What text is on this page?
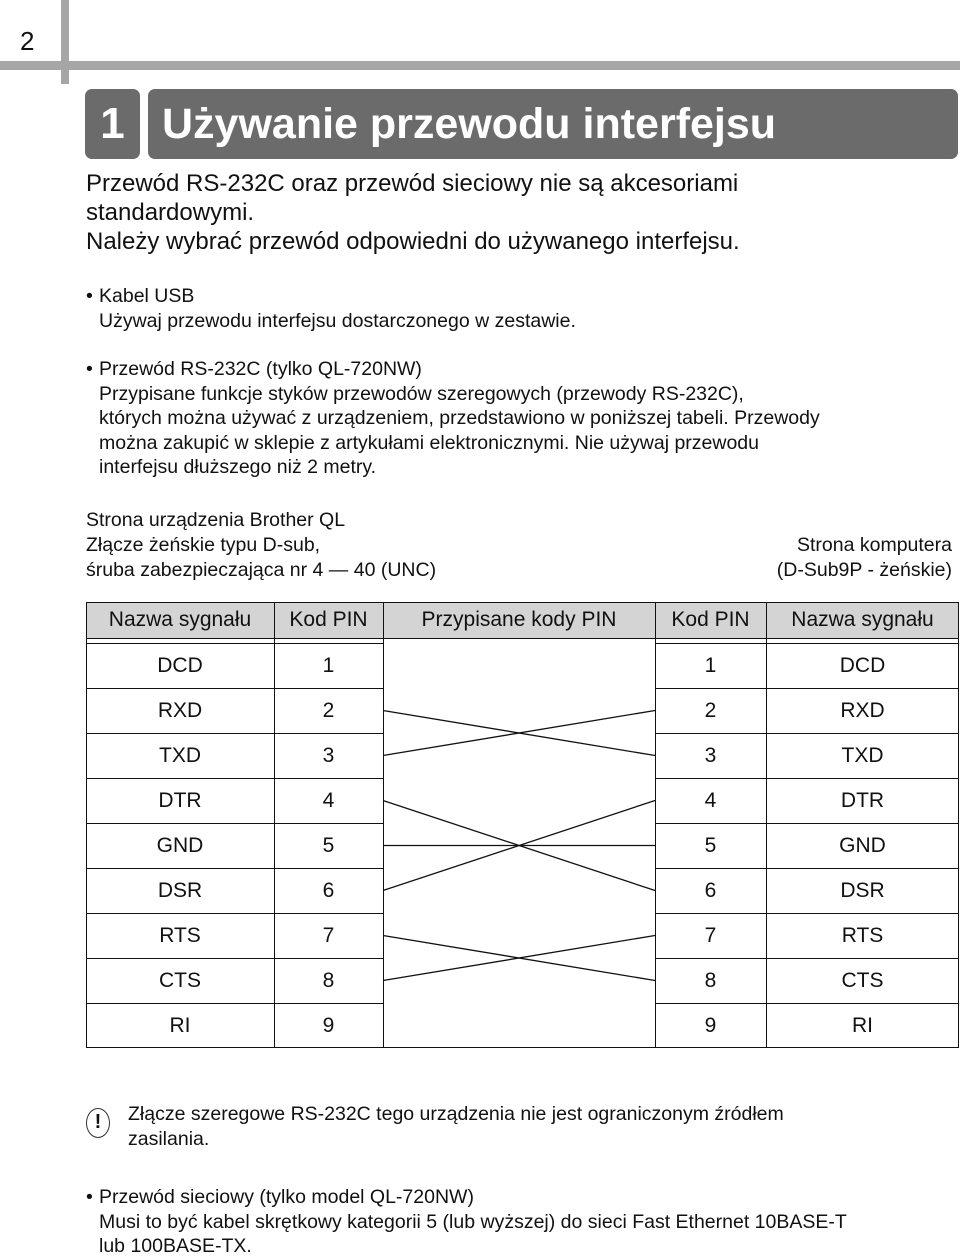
2
1 Używanie przewodu interfejsu

Przewód RS-232C oraz przewód sieciowy nie są akcesoriami

standardowymi.

Należy wybrać przewód odpowiedni do używanego interfejsu.

• Kabel USB
Używaj przewodu interfejsu dostarczonego w zestawie.
• Przewód RS-232C (tylko QL-720NW)
Przypisane funkcje styków przewodów szeregowych (przewody RS-232C),
których można używać z urządzeniem, przedstawiono w poniższej tabeli. Przewody
można zakupić w sklepie z artykułami elektronicznymi. Nie używaj przewodu
interfejsu dłuższego niż 2 metry.
Strona urządzenia Brother QL
Złącze żeńskie typu D-sub,
śruba zabezpieczająca nr 4 — 40 (UNC)
Strona komputera
(D-Sub9P - żeńskie)
Nazwa sygnału	Kod PIN	Przypisane kody PIN	Kod PIN	Nazwa sygnału
DCD	1	1	DCD
RXD	2	2	RXD
TXD	3	3	TXD
DTR	4	4	DTR
GND	5	5	GND
DSR	6	6	DSR
RTS	7	7	RTS
CTS	8	8	CTS
RI	9	9	RI
!	Złącze szeregowe RS-232C tego urządzenia nie jest ograniczonym źródłem
zasilania.
• Przewód sieciowy (tylko model QL-720NW)
Musi to być kabel skrętkowy kategorii 5 (lub wyższej) do sieci Fast Ethernet 10BASE-T
lub 100BASE-TX.
